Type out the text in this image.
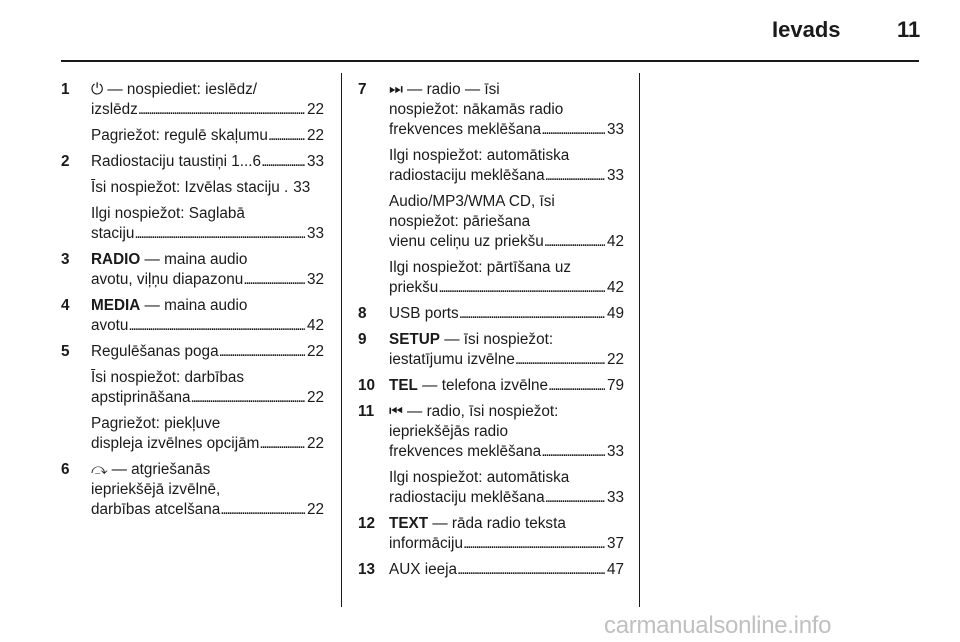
Ievads	11
1 ⏻ — nospiediet: ieslēdz/
izslēdz . . .	22
Pagriežot: regulē skaļumu . . .	22
2 Radiostaciju taustiņi 1...6 . . .	33
Īsi nospiežot: Izvēlas staciju . 33
Ilgi nospiežot: Saglabā
staciju . . .	33
3 RADIO — maina audio
avotu, viļņu diapazonu . . .	32
4 MEDIA — maina audio
avotu . . .	42
5 Regulēšanas poga . . .	22
Īsi nospiežot: darbības
apstiprināšana . . .	22
Pagriežot: piekļuve
displeja izvēlnes opcijām . . .	22
6 ⤼ — atgriešanās
iepriekšējā izvēlnē,
darbības atcelšana . . .	22
7 ⏭ — radio — īsi
nospiežot: nākamās radio
frekvences meklēšana . . .	33
Ilgi nospiežot: automātiska
radiostaciju meklēšana . . .	33
Audio/MP3/WMA CD, īsi
nospiežot: pāriešana
vienu celiņu uz priekšu . . .	42
Ilgi nospiežot: pārtīšana uz
priekšu . . .	42
8 USB ports . . .	49
9 SETUP — īsi nospiežot:
iestatījumu izvēlne . . .	22
10 TEL — telefona izvēlne . . .	79
11 ⏮ — radio, īsi nospiežot:
iepriekšējās radio
frekvences meklēšana . . .	33
Ilgi nospiežot: automātiska
radiostaciju meklēšana . . .	33
12 TEXT — rāda radio teksta
informāciju . . .	37
13 AUX ieeja . . .	47
carmanualsonline.info
